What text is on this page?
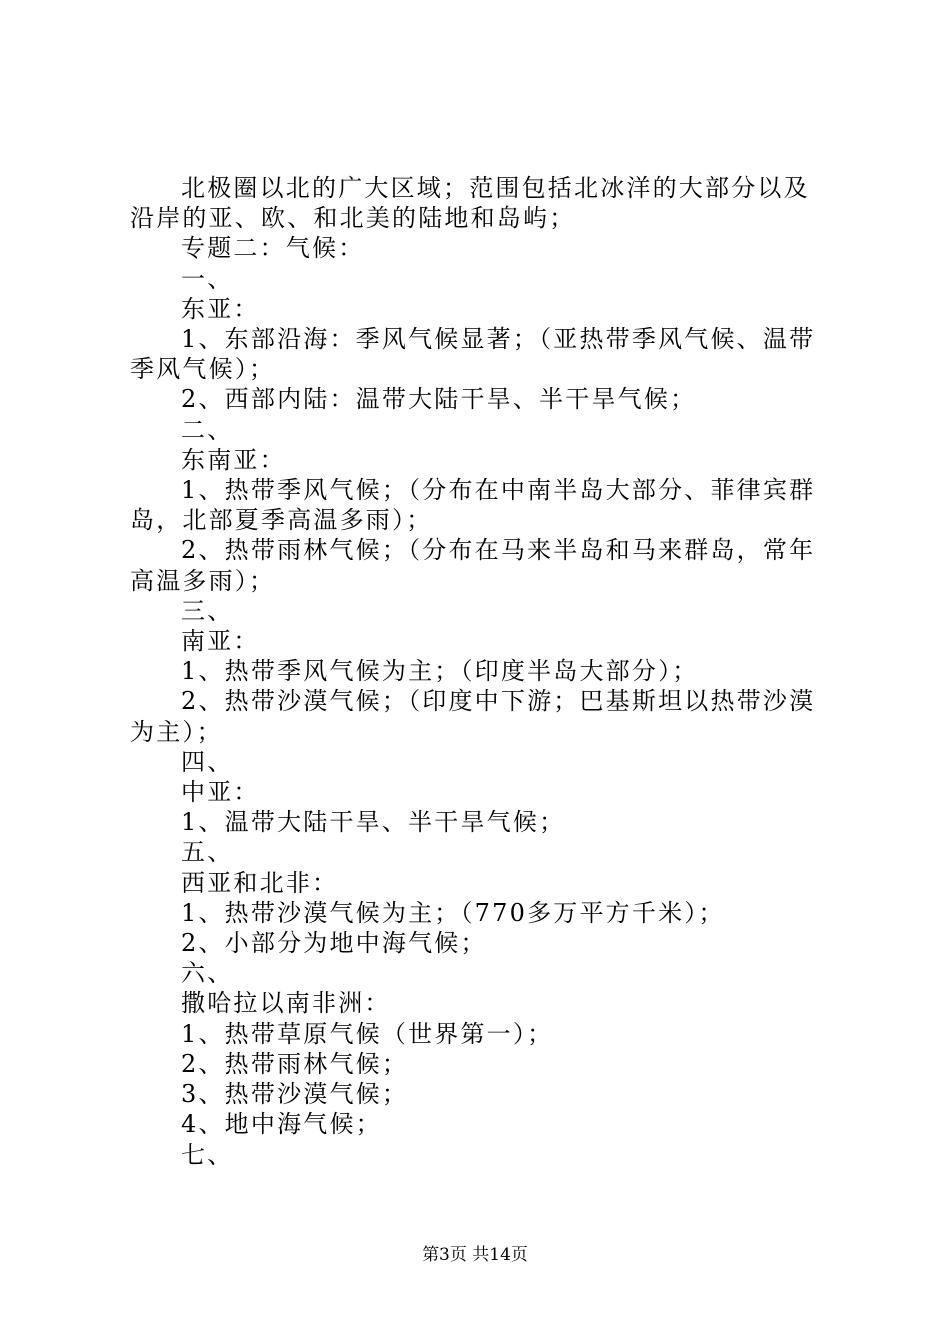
北极圈以北的广大区域；范围包括北冰洋的大部分以及沿岸的亚、欧、和北美的陆地和岛屿；

专题二：气候：

一、

东亚：

1、东部沿海：季风气候显著；（亚热带季风气候、温带季风气候）；

2、西部内陆：温带大陆干旱、半干旱气候；

二、

东南亚：

1、热带季风气候；（分布在中南半岛大部分、菲律宾群岛，北部夏季高温多雨）；

2、热带雨林气候；（分布在马来半岛和马来群岛，常年高温多雨）；

三、

南亚：

1、热带季风气候为主；（印度半岛大部分）；

2、热带沙漠气候；（印度中下游；巴基斯坦以热带沙漠为主）；

四、

中亚：

1、温带大陆干旱、半干旱气候；

五、

西亚和北非：

1、热带沙漠气候为主；（770多万平方千米）；

2、小部分为地中海气候；

六、

撒哈拉以南非洲：

1、热带草原气候（世界第一）；

2、热带雨林气候；

3、热带沙漠气候；

4、地中海气候；

七、

第3页 共14页
